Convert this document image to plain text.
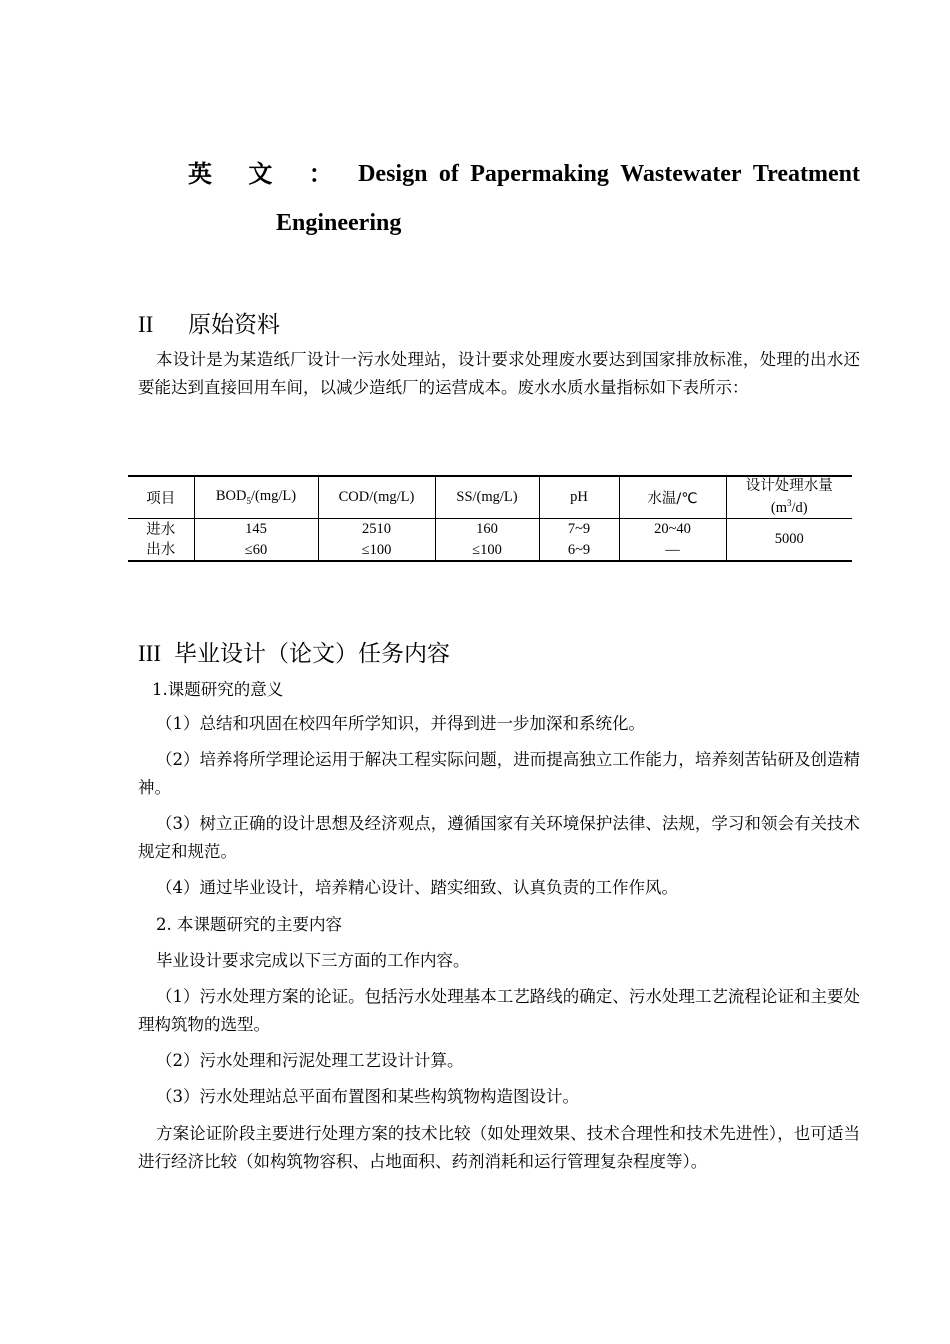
英 文 ： Design of Papermaking Wastewater Treatment
Engineering
II 原始资料
本设计是为某造纸厂设计一污水处理站，设计要求处理废水要达到国家排放标准，处理的出水还要能达到直接回用车间，以减少造纸厂的运营成本。废水水质水量指标如下表所示：
项目	$BOD_5/(mg/L)$	COD/(mg/L)	SS/(mg/L)	pH	水温/℃	设计处理水量
$(m^3/d)$

进水	145	2510	160	7~9	20~40	5000
出水	≤60	≤100	≤100	6~9	—	
III 毕业设计（论文）任务内容
1.课题研究的意义
（1）总结和巩固在校四年所学知识，并得到进一步加深和系统化。
（2）培养将所学理论运用于解决工程实际问题，进而提高独立工作能力，培养刻苦钻研及创造精神。
（3）树立正确的设计思想及经济观点，遵循国家有关环境保护法律、法规，学习和领会有关技术规定和规范。
（4）通过毕业设计，培养精心设计、踏实细致、认真负责的工作作风。
2. 本课题研究的主要内容
毕业设计要求完成以下三方面的工作内容。
（1）污水处理方案的论证。包括污水处理基本工艺路线的确定、污水处理工艺流程论证和主要处理构筑物的选型。
（2）污水处理和污泥处理工艺设计计算。
（3）污水处理站总平面布置图和某些构筑物构造图设计。
方案论证阶段主要进行处理方案的技术比较（如处理效果、技术合理性和技术先进性），也可适当进行经济比较（如构筑物容积、占地面积、药剂消耗和运行管理复杂程度等）。
